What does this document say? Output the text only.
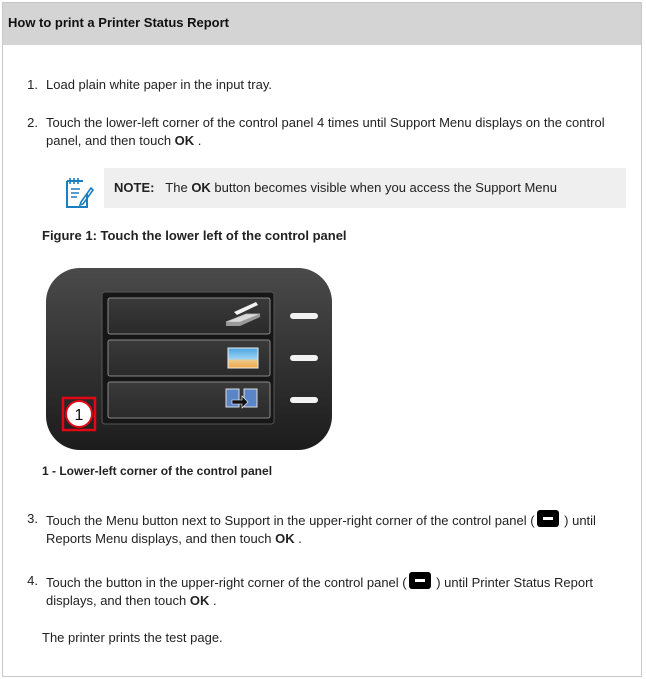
How to print a Printer Status Report
1. Load plain white paper in the input tray.
2. Touch the lower-left corner of the control panel 4 times until Support Menu displays on the control
panel, and then touch OK .
NOTE: The OK button becomes visible when you access the Support Menu
Figure 1: Touch the lower left of the control panel
1
1 - Lower-left corner of the control panel
3. Touch the Menu button next to Support in the upper-right corner of the control panel ( ) until
Reports Menu displays, and then touch OK .
4. Touch the button in the upper-right corner of the control panel ( ) until Printer Status Report
displays, and then touch OK .
The printer prints the test page.
